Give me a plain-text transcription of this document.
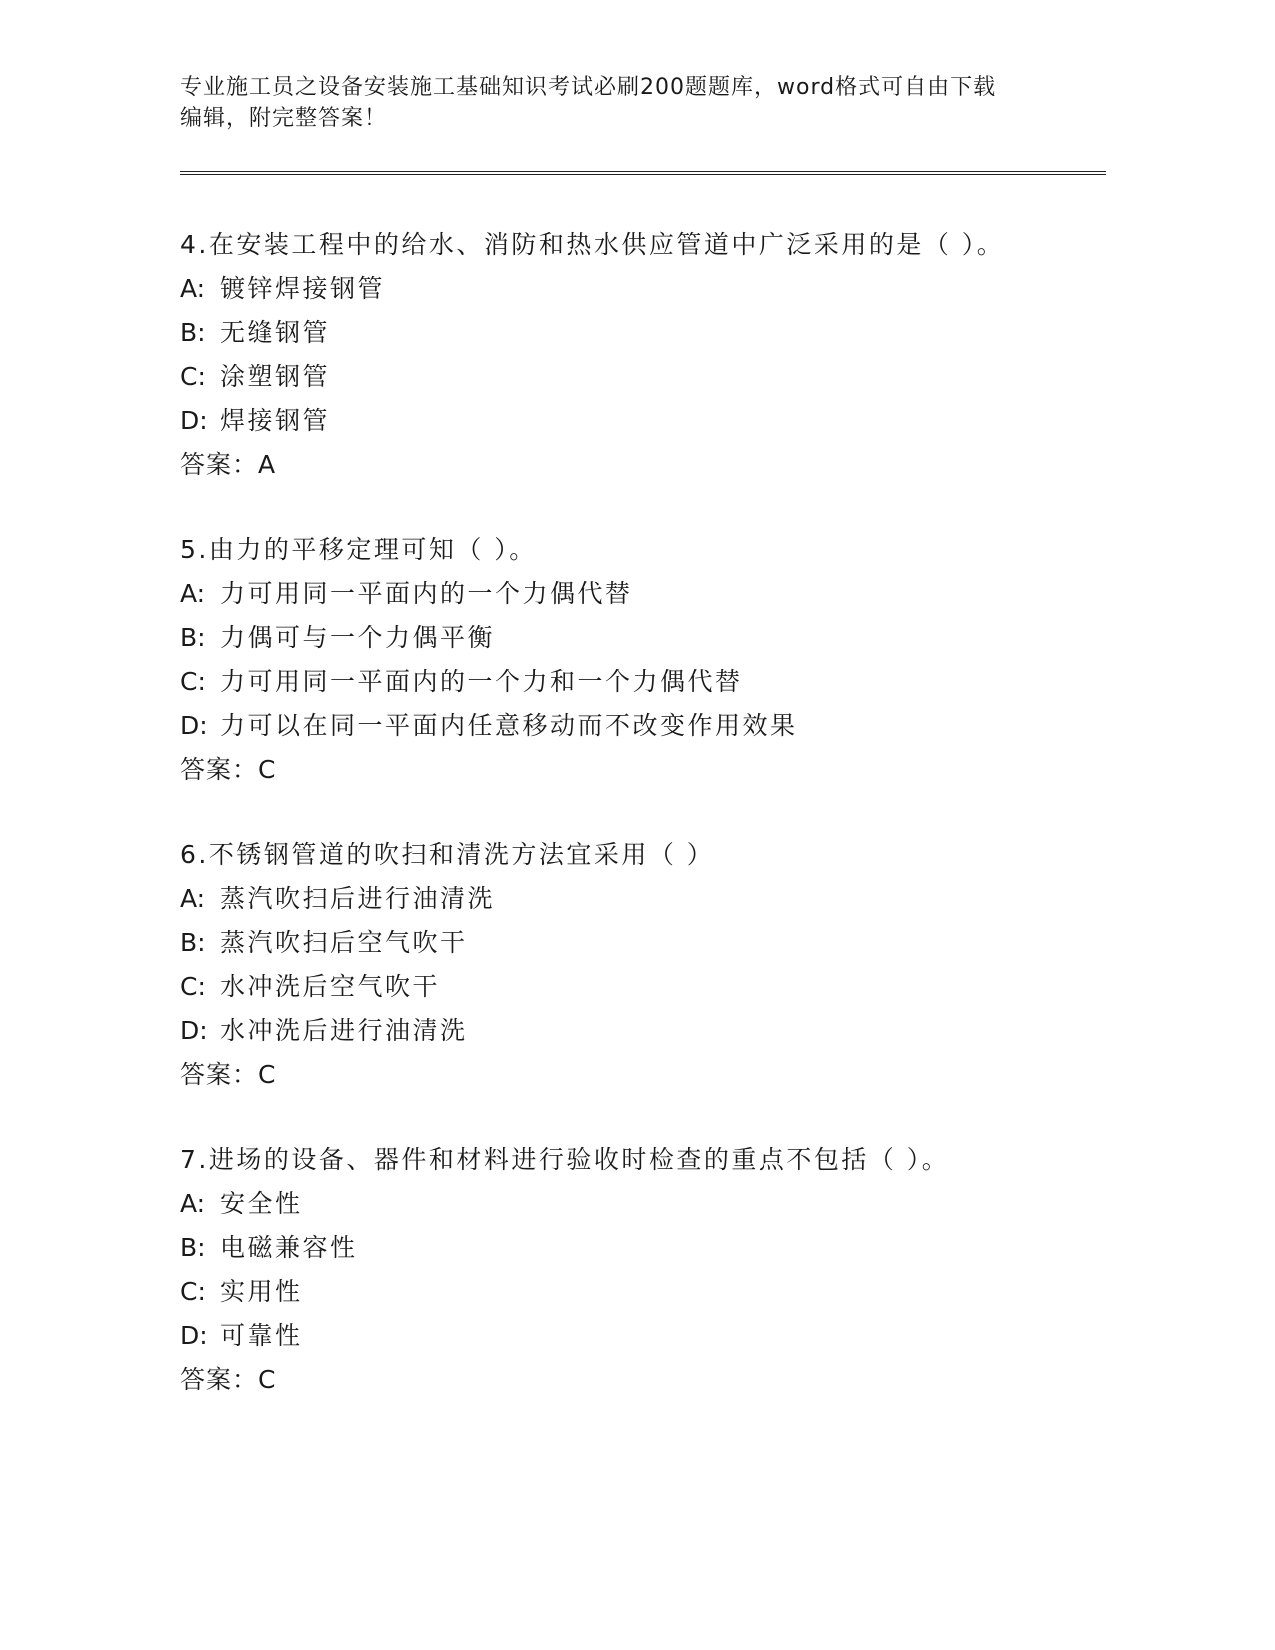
专业施工员之设备安装施工基础知识考试必刷200题题库，word格式可自由下载
编辑，附完整答案！
4.在安装工程中的给水、消防和热水供应管道中广泛采用的是（ ）。
A: 镀锌焊接钢管
B: 无缝钢管
C: 涂塑钢管
D: 焊接钢管
答案：A
5.由力的平移定理可知（ ）。
A: 力可用同一平面内的一个力偶代替
B: 力偶可与一个力偶平衡
C: 力可用同一平面内的一个力和一个力偶代替
D: 力可以在同一平面内任意移动而不改变作用效果
答案：C
6.不锈钢管道的吹扫和清洗方法宜采用（ ）
A: 蒸汽吹扫后进行油清洗
B: 蒸汽吹扫后空气吹干
C: 水冲洗后空气吹干
D: 水冲洗后进行油清洗
答案：C
7.进场的设备、器件和材料进行验收时检查的重点不包括（ ）。
A: 安全性
B: 电磁兼容性
C: 实用性
D: 可靠性
答案：C
